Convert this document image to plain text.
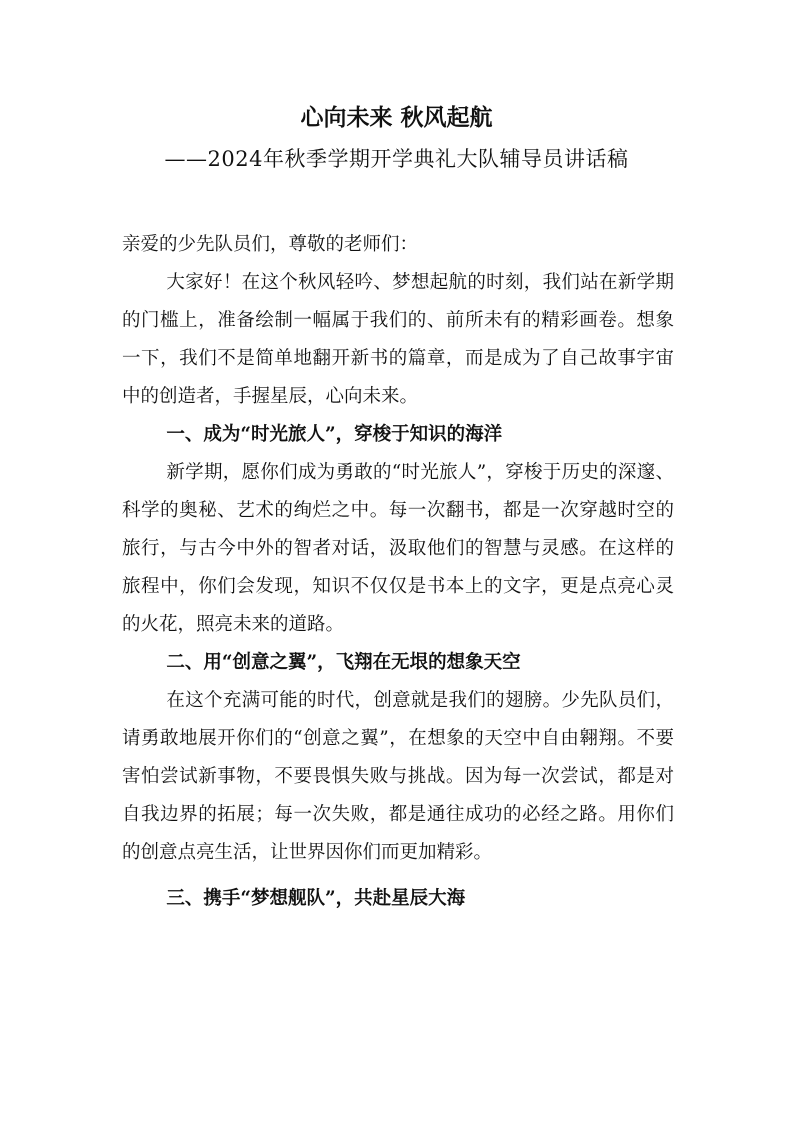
心向未来 秋风起航
——2024年秋季学期开学典礼大队辅导员讲话稿

亲爱的少先队员们，尊敬的老师们：

大家好！在这个秋风轻吟、梦想起航的时刻，我们站在新学期的门槛上，准备绘制一幅属于我们的、前所未有的精彩画卷。想象一下，我们不是简单地翻开新书的篇章，而是成为了自己故事宇宙中的创造者，手握星辰，心向未来。

一、成为“时光旅人”，穿梭于知识的海洋

新学期，愿你们成为勇敢的“时光旅人”，穿梭于历史的深邃、科学的奥秘、艺术的绚烂之中。每一次翻书，都是一次穿越时空的旅行，与古今中外的智者对话，汲取他们的智慧与灵感。在这样的旅程中，你们会发现，知识不仅仅是书本上的文字，更是点亮心灵的火花，照亮未来的道路。

二、用“创意之翼”，飞翔在无垠的想象天空

在这个充满可能的时代，创意就是我们的翅膀。少先队员们，请勇敢地展开你们的“创意之翼”，在想象的天空中自由翱翔。不要害怕尝试新事物，不要畏惧失败与挑战。因为每一次尝试，都是对自我边界的拓展；每一次失败，都是通往成功的必经之路。用你们的创意点亮生活，让世界因你们而更加精彩。

三、携手“梦想舰队”，共赴星辰大海
